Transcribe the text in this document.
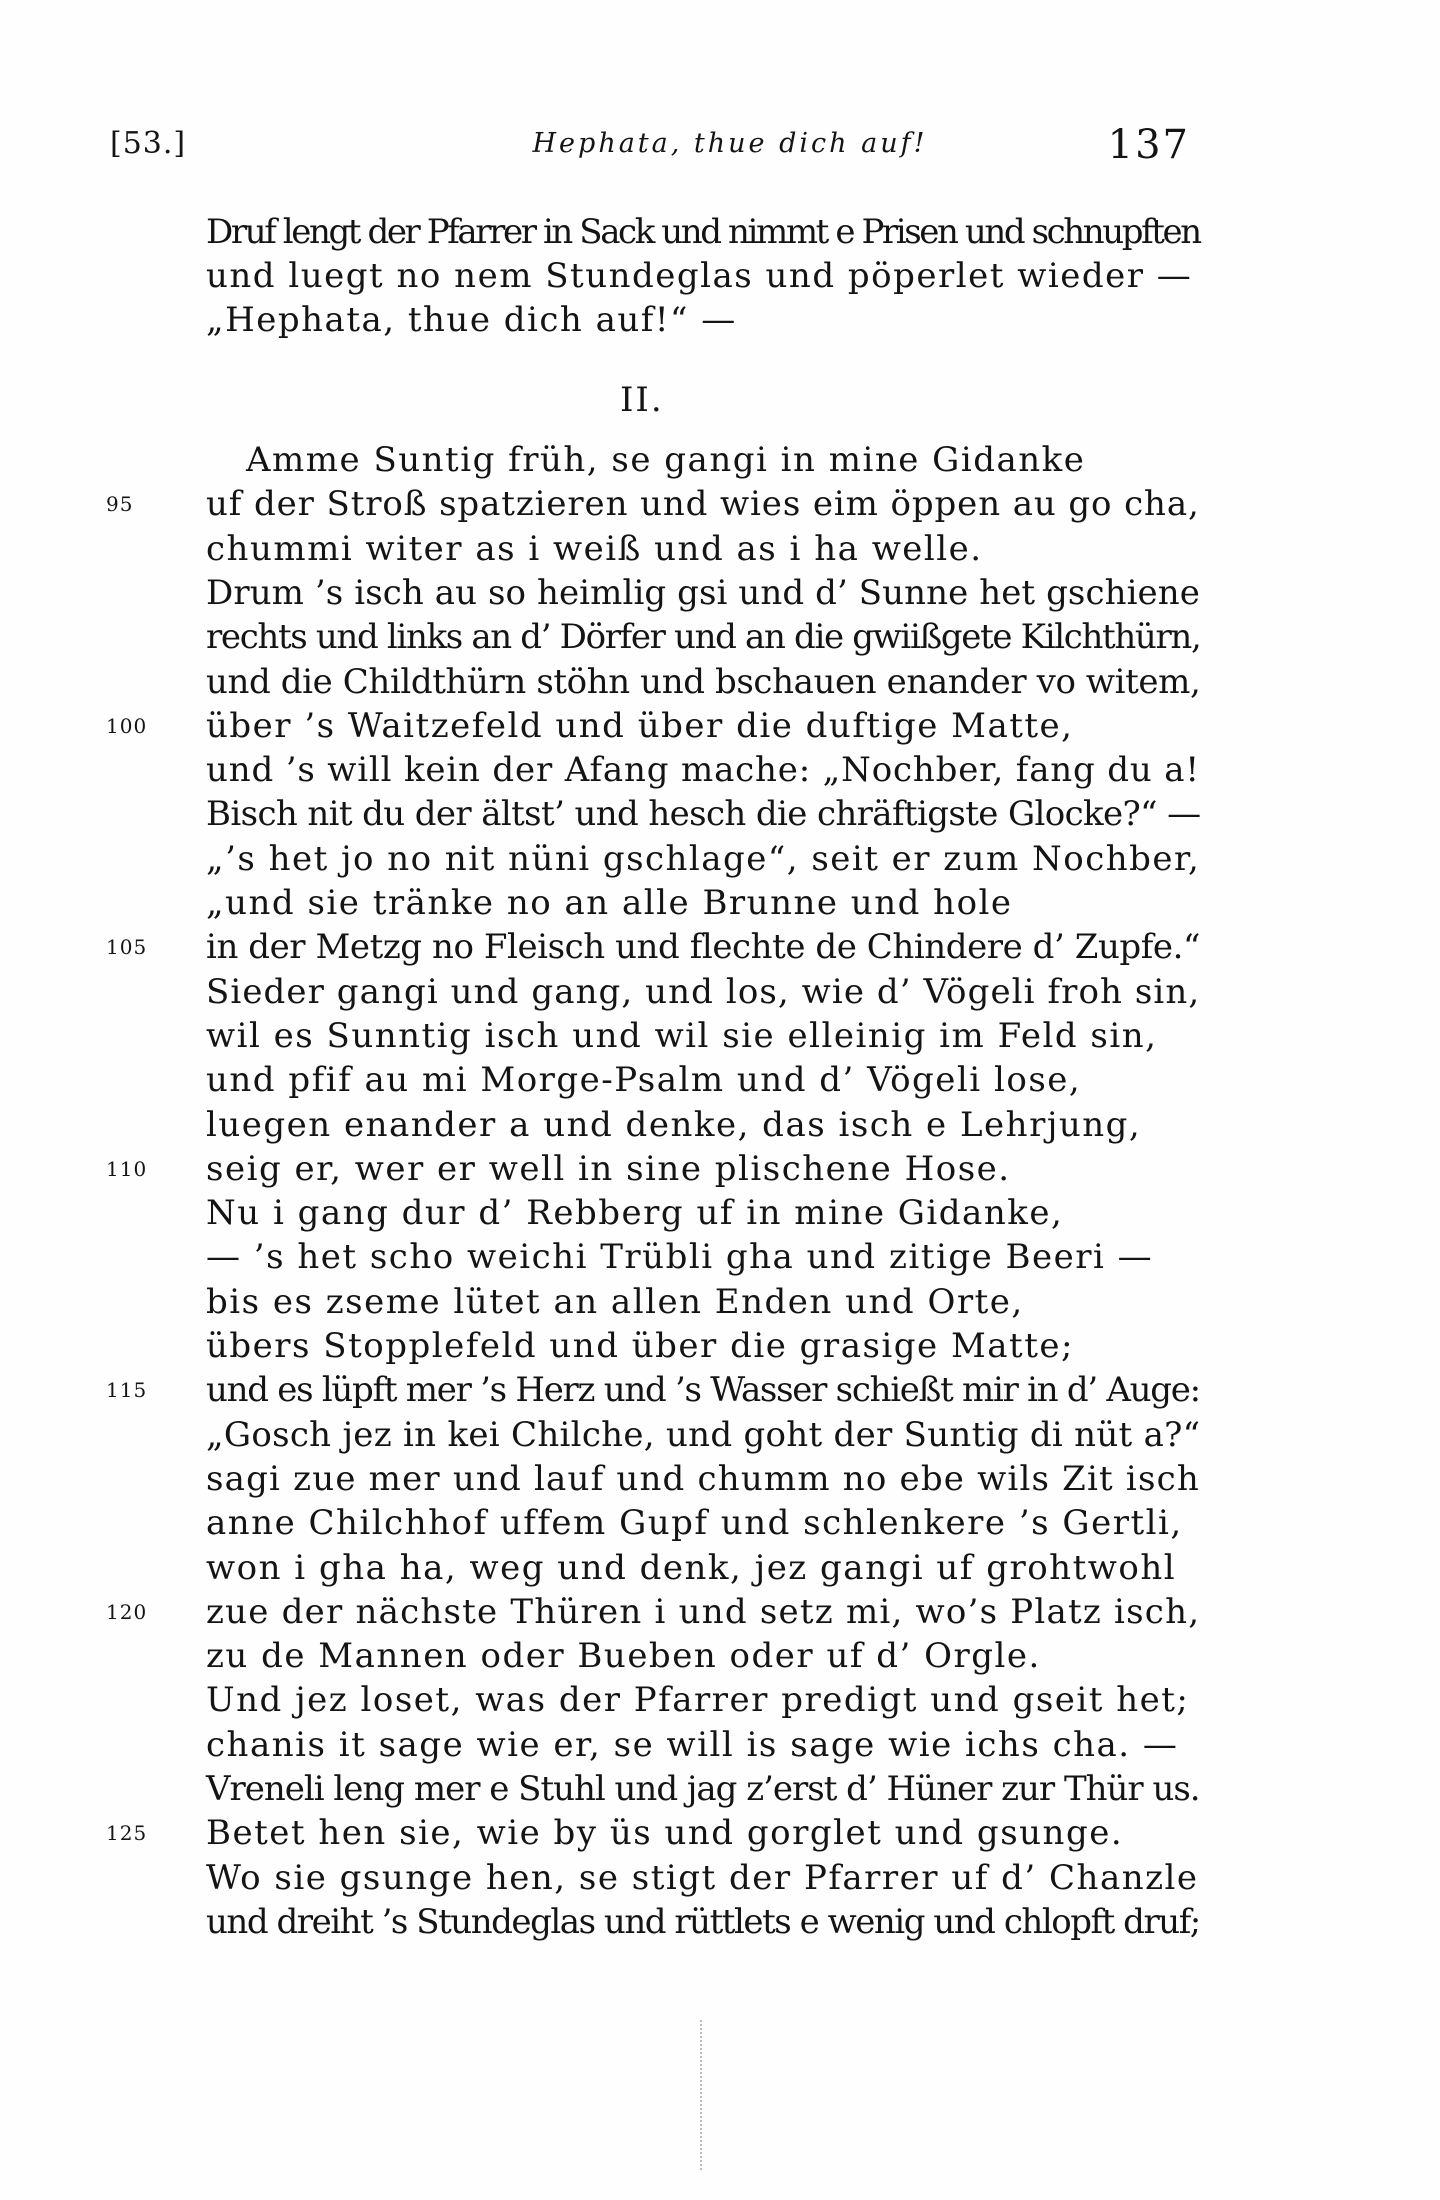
[53.]	Hephata, thue dich auf!	137
Druf lengt der Pfarrer in Sack und nimmt e Prisen und schnupften
und luegt no nem Stundeglas und pöperlet wieder —
„Hephata, thue dich auf!“ —
II.
Amme Suntig früh, se gangi in mine Gidanke
95 uf der Stroß spatzieren und wies eim öppen au go cha,
chummi witer as i weiß und as i ha welle.
Drum ’s isch au so heimlig gsi und d’ Sunne het gschiene
rechts und links an d’ Dörfer und an die gwiißgete Kilchthürn,
und die Childthürn stöhn und bschauen enander vo witem,
100 über ’s Waitzefeld und über die duftige Matte,
und ’s will kein der Afang mache: „Nochber, fang du a!
Bisch nit du der ältst’ und hesch die chräftigste Glocke?“ —
„’s het jo no nit nüni gschlage“, seit er zum Nochber,
„und sie tränke no an alle Brunne und hole
105 in der Metzg no Fleisch und flechte de Chindere d’ Zupfe.“
Sieder gangi und gang, und los, wie d’ Vögeli froh sin,
wil es Sunntig isch und wil sie elleinig im Feld sin,
und pfif au mi Morge-Psalm und d’ Vögeli lose,
luegen enander a und denke, das isch e Lehrjung,
110 seig er, wer er well in sine plischene Hose.
Nu i gang dur d’ Rebberg uf in mine Gidanke,
— ’s het scho weichi Trübli gha und zitige Beeri —
bis es zseme lütet an allen Enden und Orte,
übers Stopplefeld und über die grasige Matte;
115 und es lüpft mer ’s Herz und ’s Wasser schießt mir in d’ Auge:
„Gosch jez in kei Chilche, und goht der Suntig di nüt a?“
sagi zue mer und lauf und chumm no ebe wils Zit isch
anne Chilchhof uffem Gupf und schlenkere ’s Gertli,
won i gha ha, weg und denk, jez gangi uf grohtwohl
120 zue der nächste Thüren i und setz mi, wo’s Platz isch,
zu de Mannen oder Bueben oder uf d’ Orgle.
Und jez loset, was der Pfarrer predigt und gseit het;
chanis it sage wie er, se will is sage wie ichs cha. —
Vreneli leng mer e Stuhl und jag z’erst d’ Hüner zur Thür us.
125 Betet hen sie, wie by üs und gorglet und gsunge.
Wo sie gsunge hen, se stigt der Pfarrer uf d’ Chanzle
und dreiht ’s Stundeglas und rüttlets e wenig und chlopft druf;
